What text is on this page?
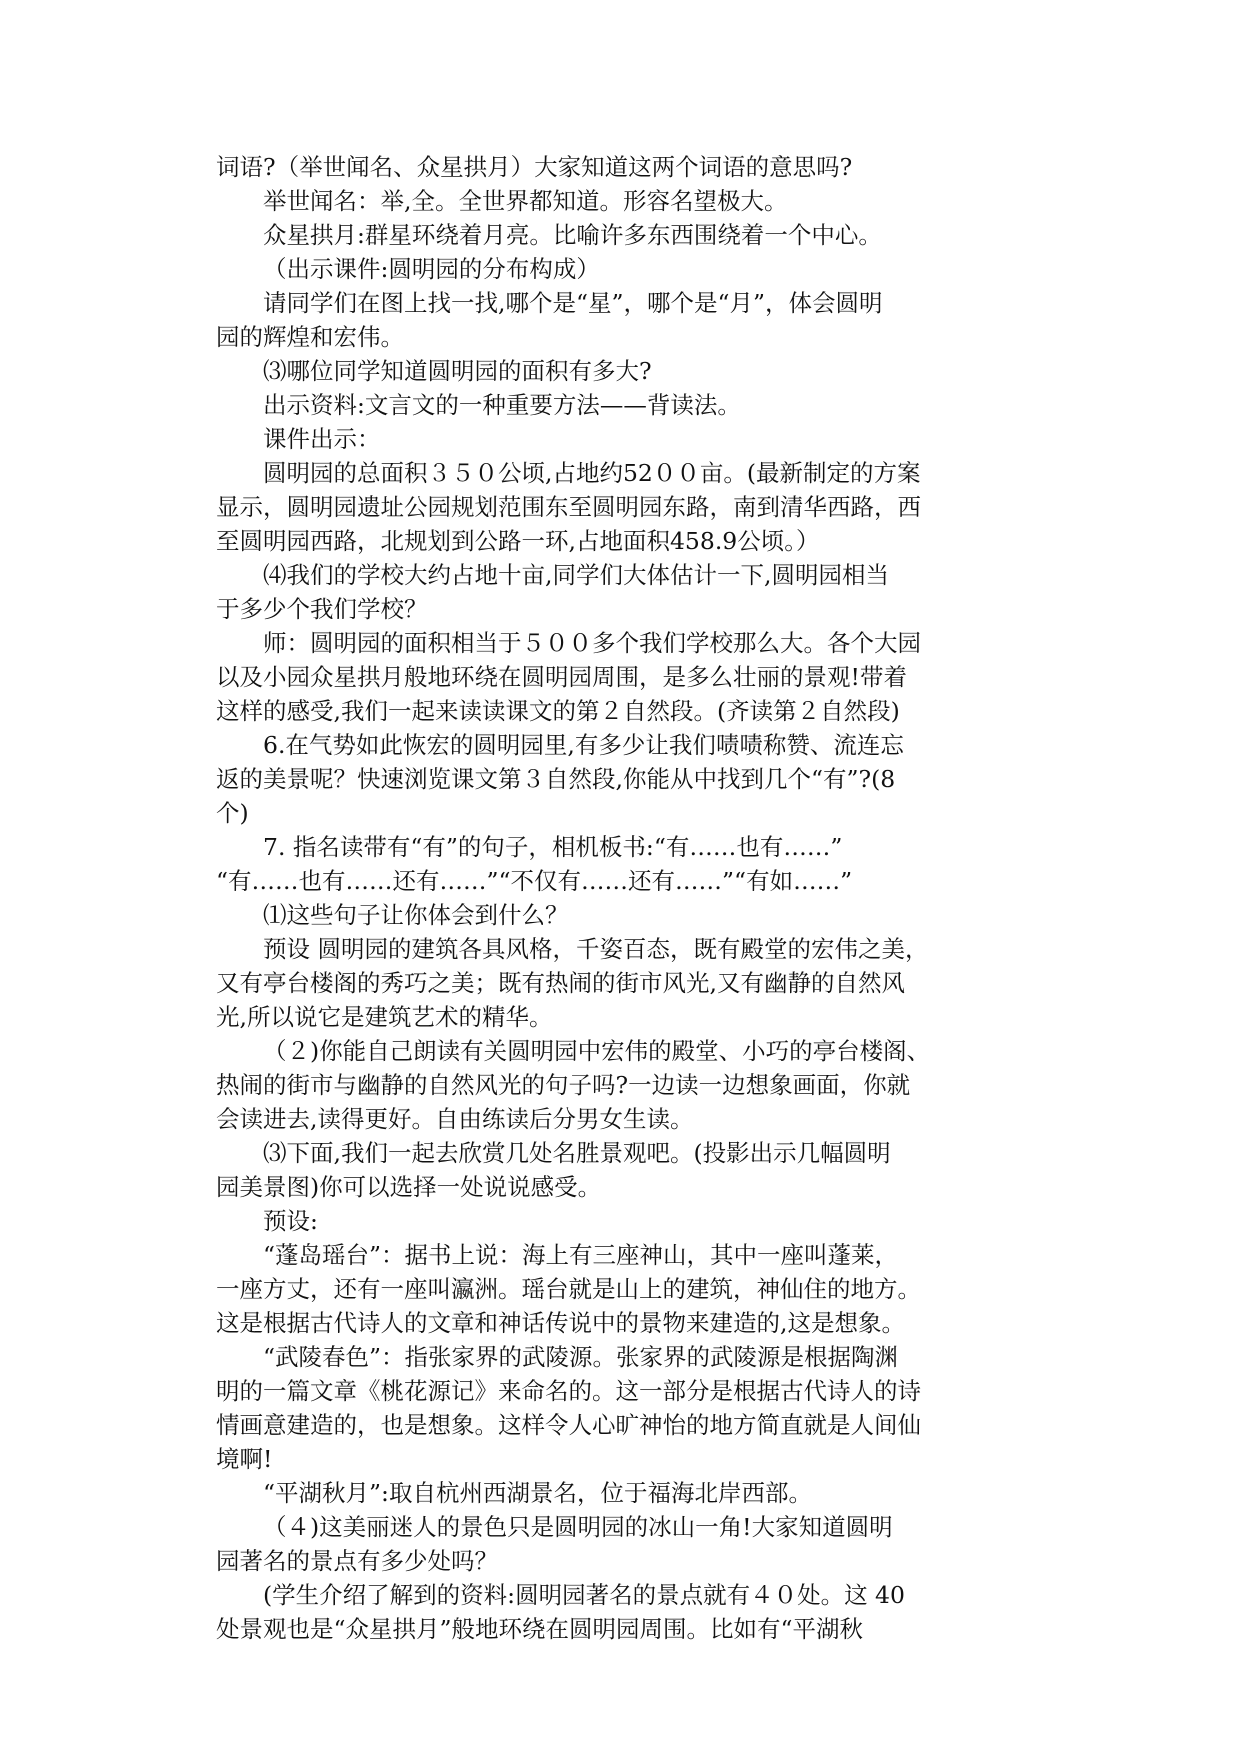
词语?（举世闻名、众星拱月）大家知道这两个词语的意思吗?
举世闻名：举,全。全世界都知道。形容名望极大。
众星拱月:群星环绕着月亮。比喻许多东西围绕着一个中心。
（出示课件:圆明园的分布构成）
请同学们在图上找一找,哪个是“星”，哪个是“月”，体会圆明
园的辉煌和宏伟。
⑶哪位同学知道圆明园的面积有多大?
出示资料:文言文的一种重要方法——背读法。
课件出示：
圆明园的总面积３５０公顷,占地约52００亩。(最新制定的方案
显示，圆明园遗址公园规划范围东至圆明园东路，南到清华西路，西
至圆明园西路，北规划到公路一环,占地面积458.9公顷。）
⑷我们的学校大约占地十亩,同学们大体估计一下,圆明园相当
于多少个我们学校？
师：圆明园的面积相当于５００多个我们学校那么大。各个大园
以及小园众星拱月般地环绕在圆明园周围，是多么壮丽的景观!带着
这样的感受,我们一起来读读课文的第２自然段。(齐读第２自然段)
6.在气势如此恢宏的圆明园里,有多少让我们啧啧称赞、流连忘
返的美景呢？快速浏览课文第３自然段,你能从中找到几个“有”?(8
个)
7. 指名读带有“有”的句子，相机板书:“有……也有……”
“有……也有……还有……”“不仅有……还有……”“有如……”
⑴这些句子让你体会到什么？
预设 圆明园的建筑各具风格，千姿百态，既有殿堂的宏伟之美，
又有亭台楼阁的秀巧之美；既有热闹的街市风光,又有幽静的自然风
光,所以说它是建筑艺术的精华。
（２)你能自己朗读有关圆明园中宏伟的殿堂、小巧的亭台楼阁、
热闹的街市与幽静的自然风光的句子吗?一边读一边想象画面，你就
会读进去,读得更好。自由练读后分男女生读。
⑶下面,我们一起去欣赏几处名胜景观吧。(投影出示几幅圆明
园美景图)你可以选择一处说说感受。
预设:
“蓬岛瑶台”：据书上说：海上有三座神山，其中一座叫蓬莱，
一座方丈，还有一座叫瀛洲。瑶台就是山上的建筑，神仙住的地方。
这是根据古代诗人的文章和神话传说中的景物来建造的,这是想象。
“武陵春色”：指张家界的武陵源。张家界的武陵源是根据陶渊
明的一篇文章《桃花源记》来命名的。这一部分是根据古代诗人的诗
情画意建造的，也是想象。这样令人心旷神怡的地方简直就是人间仙
境啊!
“平湖秋月”:取自杭州西湖景名，位于福海北岸西部。
（４)这美丽迷人的景色只是圆明园的冰山一角!大家知道圆明
园著名的景点有多少处吗？
(学生介绍了解到的资料:圆明园著名的景点就有４０处。这 40
处景观也是“众星拱月”般地环绕在圆明园周围。比如有“平湖秋
